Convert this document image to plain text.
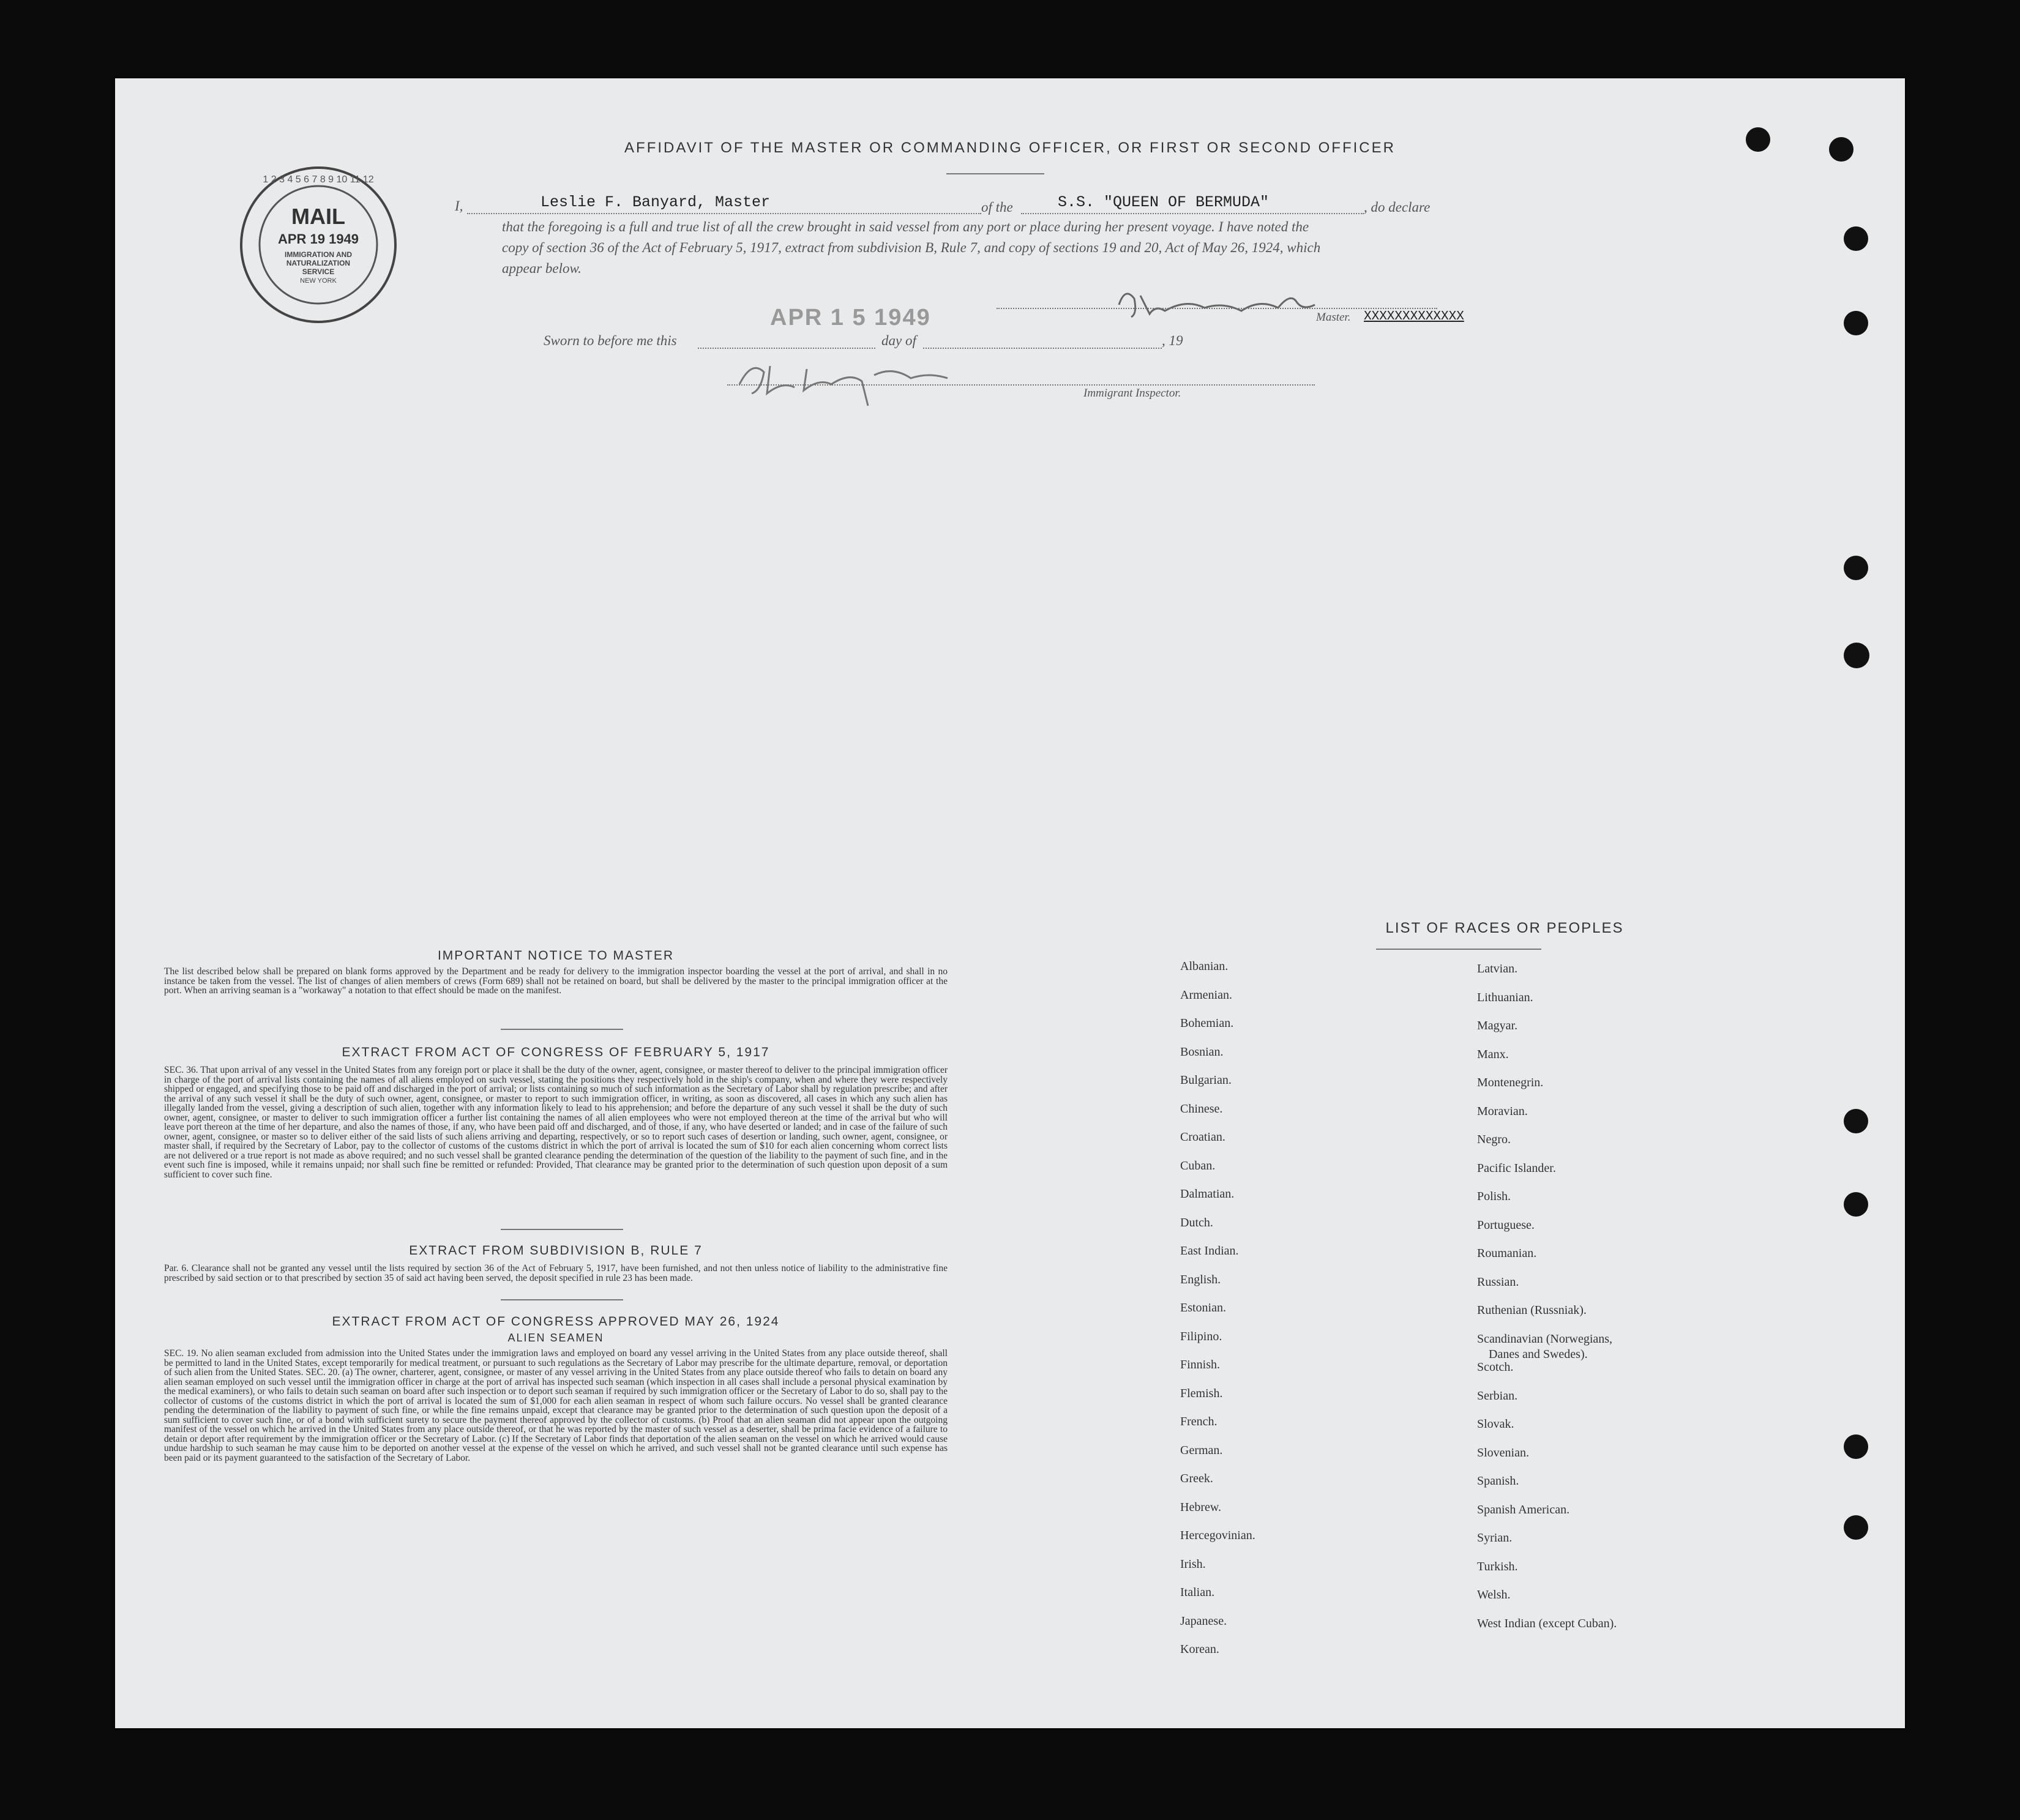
AFFIDAVIT OF THE MASTER OR COMMANDING OFFICER, OR FIRST OR SECOND OFFICER
MAIL
APR 19 1949
IMMIGRATION AND
NATURALIZATION
SERVICE
NEW YORK
1 2 3 4 5 6 7 8 9 10 11 12
I,	Leslie F. Banyard, Master	of the	S.S. "QUEEN OF BERMUDA"	, do declare
that the foregoing is a full and true list of all the crew brought in said vessel from any port or place during her present voyage. I have noted the
copy of section 36 of the Act of February 5, 1917, extract from subdivision B, Rule 7, and copy of sections 19 and 20, Act of May 26, 1924, which
appear below.
Master. XXXXXXXXXXXXX
APR 1 5 1949
Sworn to before me this	day of	, 19
Immigrant Inspector.
IMPORTANT NOTICE TO MASTER
The list described below shall be prepared on blank forms approved by the Department and be ready for delivery to the immigration inspector boarding the vessel at the port of arrival, and shall in no instance be taken from the vessel. The list of changes of alien members of crews (Form 689) shall not be retained on board, but shall be delivered by the master to the principal immigration officer at the port. When an arriving seaman is a "workaway" a notation to that effect should be made on the manifest.
EXTRACT FROM ACT OF CONGRESS OF FEBRUARY 5, 1917
SEC. 36. That upon arrival of any vessel in the United States from any foreign port or place it shall be the duty of the owner, agent, consignee, or master thereof to deliver to the principal immigration officer in charge of the port of arrival lists containing the names of all aliens employed on such vessel, stating the positions they respectively hold in the ship's company, when and where they were respectively shipped or engaged, and specifying those to be paid off and discharged in the port of arrival; or lists containing so much of such information as the Secretary of Labor shall by regulation prescribe; and after the arrival of any such vessel it shall be the duty of such owner, agent, consignee, or master to report to such immigration officer, in writing, as soon as discovered, all cases in which any such alien has illegally landed from the vessel, giving a description of such alien, together with any information likely to lead to his apprehension; and before the departure of any such vessel it shall be the duty of such owner, agent, consignee, or master to deliver to such immigration officer a further list containing the names of all alien employees who were not employed thereon at the time of the arrival but who will leave port thereon at the time of her departure, and also the names of those, if any, who have been paid off and discharged, and of those, if any, who have deserted or landed; and in case of the failure of such owner, agent, consignee, or master so to deliver either of the said lists of such aliens arriving and departing, respectively, or so to report such cases of desertion or landing, such owner, agent, consignee, or master shall, if required by the Secretary of Labor, pay to the collector of customs of the customs district in which the port of arrival is located the sum of $10 for each alien concerning whom correct lists are not delivered or a true report is not made as above required; and no such vessel shall be granted clearance pending the determination of the question of the liability to the payment of such fine, and in the event such fine is imposed, while it remains unpaid; nor shall such fine be remitted or refunded: Provided, That clearance may be granted prior to the determination of such question upon deposit of a sum sufficient to cover such fine.
EXTRACT FROM SUBDIVISION B, RULE 7
Par. 6. Clearance shall not be granted any vessel until the lists required by section 36 of the Act of February 5, 1917, have been furnished, and not then unless notice of liability to the administrative fine prescribed by said section or to that prescribed by section 35 of said act having been served, the deposit specified in rule 23 has been made.
EXTRACT FROM ACT OF CONGRESS APPROVED MAY 26, 1924
ALIEN SEAMEN
SEC. 19. No alien seaman excluded from admission into the United States under the immigration laws and employed on board any vessel arriving in the United States from any place outside thereof, shall be permitted to land in the United States, except temporarily for medical treatment, or pursuant to such regulations as the Secretary of Labor may prescribe for the ultimate departure, removal, or deportation of such alien from the United States. SEC. 20. (a) The owner, charterer, agent, consignee, or master of any vessel arriving in the United States from any place outside thereof who fails to detain on board any alien seaman employed on such vessel until the immigration officer in charge at the port of arrival has inspected such seaman (which inspection in all cases shall include a personal physical examination by the medical examiners), or who fails to detain such seaman on board after such inspection or to deport such seaman if required by such immigration officer or the Secretary of Labor to do so, shall pay to the collector of customs of the customs district in which the port of arrival is located the sum of $1,000 for each alien seaman in respect of whom such failure occurs. No vessel shall be granted clearance pending the determination of the liability to payment of such fine, or while the fine remains unpaid, except that clearance may be granted prior to the determination of such question upon the deposit of a sum sufficient to cover such fine, or of a bond with sufficient surety to secure the payment thereof approved by the collector of customs. (b) Proof that an alien seaman did not appear upon the outgoing manifest of the vessel on which he arrived in the United States from any place outside thereof, or that he was reported by the master of such vessel as a deserter, shall be prima facie evidence of a failure to detain or deport after requirement by the immigration officer or the Secretary of Labor. (c) If the Secretary of Labor finds that deportation of the alien seaman on the vessel on which he arrived would cause undue hardship to such seaman he may cause him to be deported on another vessel at the expense of the vessel on which he arrived, and such vessel shall not be granted clearance until such expense has been paid or its payment guaranteed to the satisfaction of the Secretary of Labor.
LIST OF RACES OR PEOPLES
Albanian.
Armenian.
Bohemian.
Bosnian.
Bulgarian.
Chinese.
Croatian.
Cuban.
Dalmatian.
Dutch.
East Indian.
English.
Estonian.
Filipino.
Finnish.
Flemish.
French.
German.
Greek.
Hebrew.
Hercegovinian.
Irish.
Italian.
Japanese.
Korean.
Latvian.
Lithuanian.
Magyar.
Manx.
Montenegrin.
Moravian.
Negro.
Pacific Islander.
Polish.
Portuguese.
Roumanian.
Russian.
Ruthenian (Russniak).
Scandinavian (Norwegians,
Scotch.
Serbian.
Slovak.
Slovenian.
Spanish.
Spanish American.
Syrian.
Turkish.
Welsh.
West Indian (except Cuban).
Danes and Swedes).
